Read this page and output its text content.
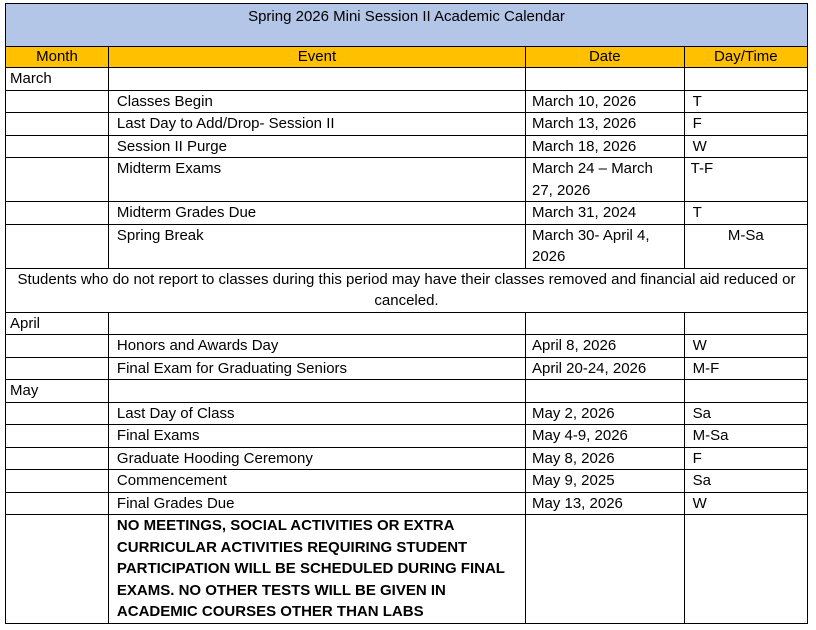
Spring 2026 Mini Session II Academic Calendar			
Month	Event	Date	Day/Time
March			
	Classes Begin	March 10, 2026	T
	Last Day to Add/Drop- Session II	March 13, 2026	F
	Session II Purge	March 18, 2026	W
	Midterm Exams	March 24 – March 27, 2026	T-F
	Midterm Grades Due	March 31, 2024	T
	Spring Break	March 30- April 4, 2026	M-Sa
Students who do not report to classes during this period may have their classes removed and financial aid reduced or canceled.			
April			
	Honors and Awards Day	April 8, 2026	W
	Final Exam for Graduating Seniors	April 20-24, 2026	M-F
May			
	Last Day of Class	May 2, 2026	Sa
	Final Exams	May 4-9, 2026	M-Sa
	Graduate Hooding Ceremony	May 8, 2026	F
	Commencement	May 9, 2025	Sa
	Final Grades Due	May 13, 2026	W
	NO MEETINGS, SOCIAL ACTIVITIES OR EXTRA CURRICULAR ACTIVITIES REQUIRING STUDENT PARTICIPATION WILL BE SCHEDULED DURING FINAL EXAMS. NO OTHER TESTS WILL BE GIVEN IN ACADEMIC COURSES OTHER THAN LABS		
